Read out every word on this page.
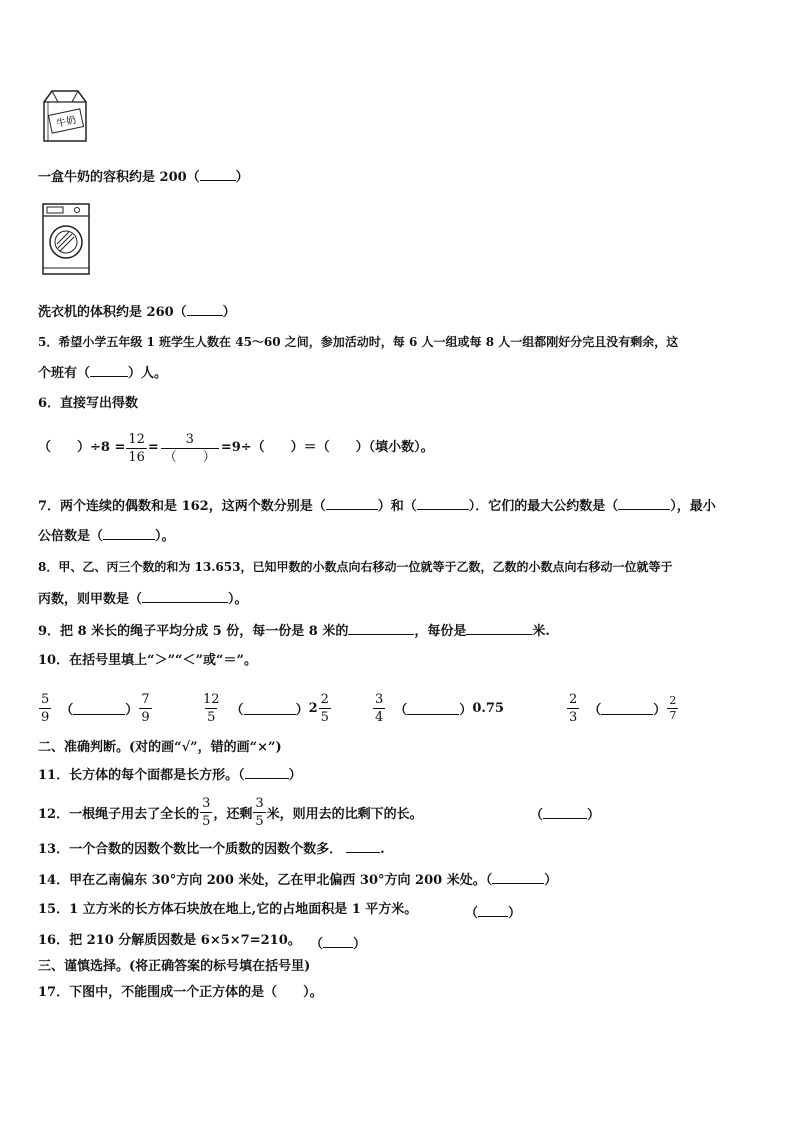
牛奶
一盒牛奶的容积约是 200（	）
洗衣机的体积约是 260（	）
5．希望小学五年级 1 班学生人数在 45～60 之间，参加活动时，每 6 人一组或每 8 人一组都刚好分完且没有剩余，这
个班有（	）人。
6．直接写出得数
（　　）$\div 8 = \frac{12}{16} = \frac{3}{( )} =9\div$（　　）＝（　　）（填小数）。
7．两个连续的偶数和是 162，这两个数分别是（	）和（	）．它们的最大公约数是（	），最小
公倍数是（	）。
8．甲、乙、丙三个数的和为 13.653，已知甲数的小数点向右移动一位就等于乙数，乙数的小数点向右移动一位就等于
丙数，则甲数是（	）。
9．把 8 米长的绳子平均分成 5 份，每一份是 8 米的	，每份是	米.
10．在括号里填上“＞”“＜”或“＝”。
$\frac{5}{9}$ （	） $\frac{7}{9}$	$\frac{12}{5}$ （	） $2 \frac{2}{5}$	$\frac{3}{4}$ （	） 0.75	$\frac{2}{3}$ （	） $\frac{2}{7}$
二、准确判断。(对的画“√”，错的画“×”)
11．长方体的每个面都是长方形。（	）
12．一根绳子用去了全长的 $\frac{3}{5}$ ，还剩 $\frac{3}{5}$ 米，则用去的比剩下的长。	（	）
13．一个合数的因数个数比一个质数的因数个数多．	.
14．甲在乙南偏东 30°方向 200 米处，乙在甲北偏西 30°方向 200 米处。（	）
15．1 立方米的长方体石块放在地上,它的占地面积是 1 平方米。	（ ）
16．把 210 分解质因数是 6×5×7=210。 （ ）
三、谨慎选择。(将正确答案的标号填在括号里)
17．下图中，不能围成一个正方体的是（　　）。
